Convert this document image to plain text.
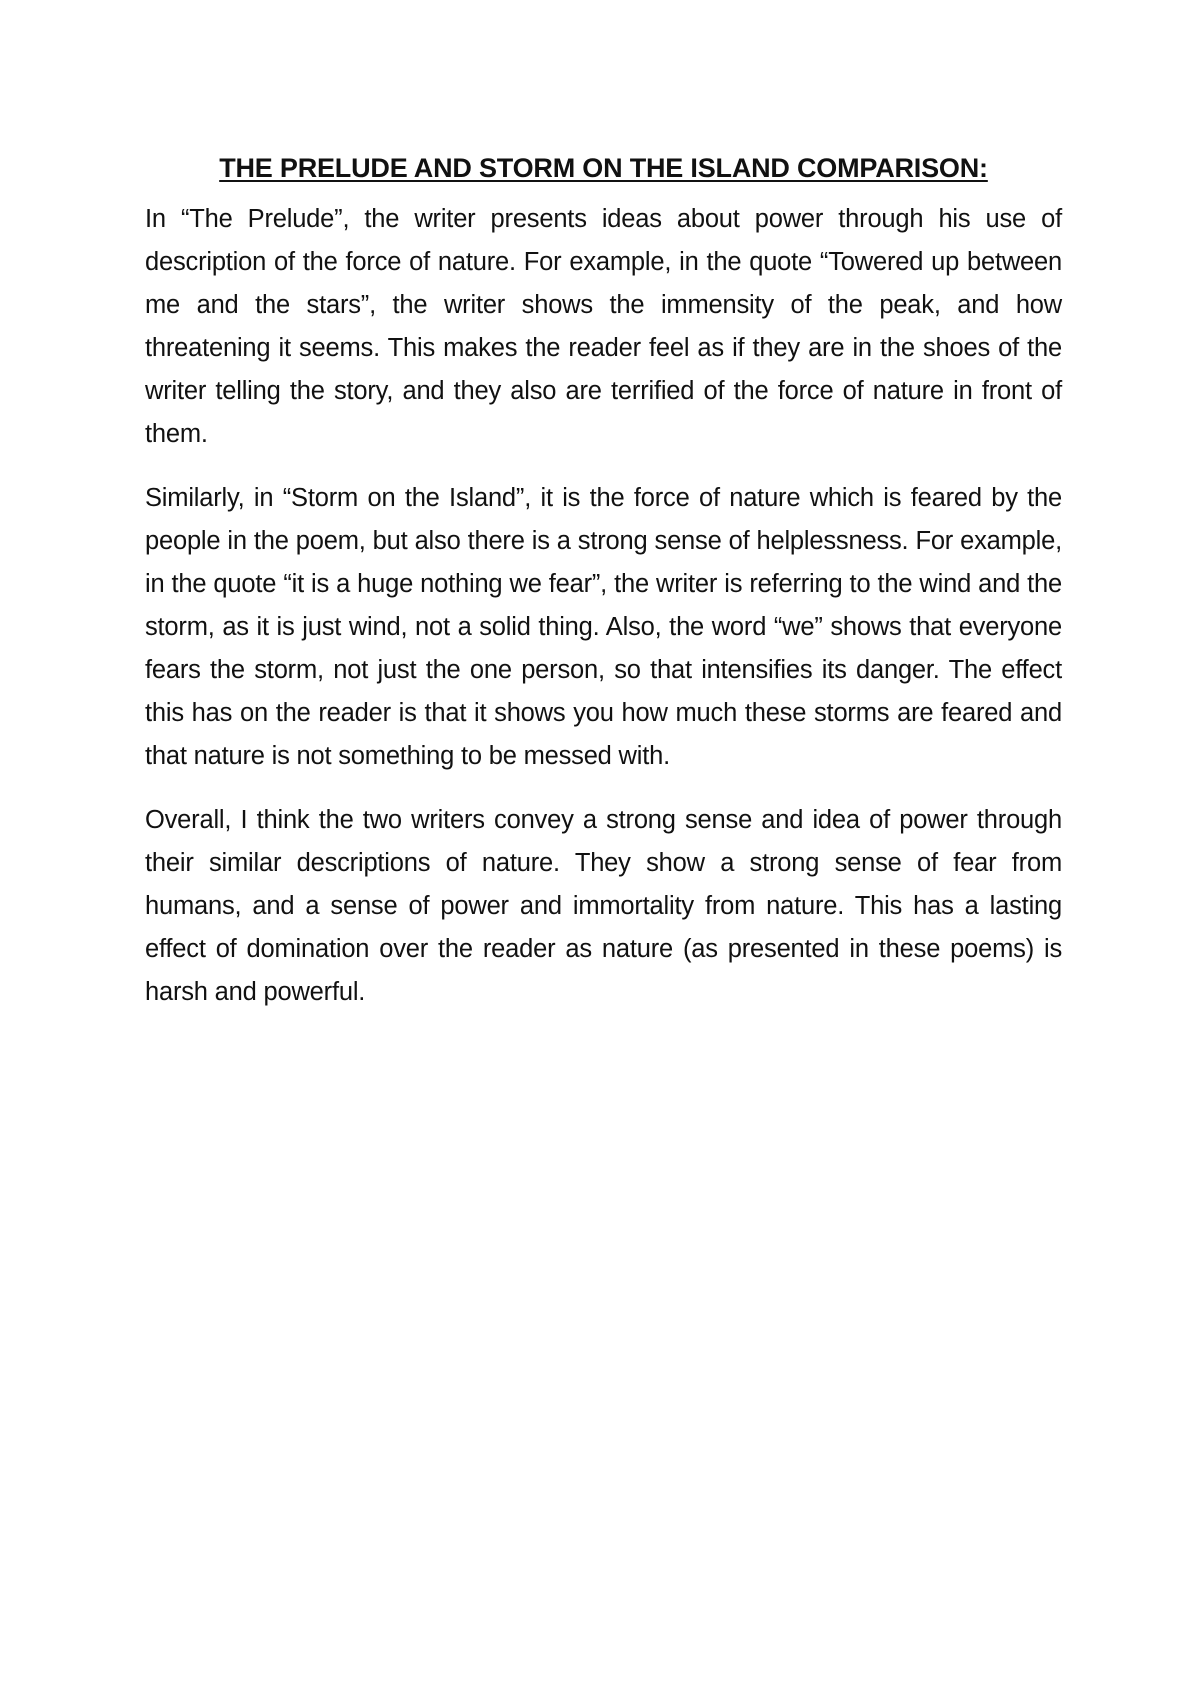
THE PRELUDE AND STORM ON THE ISLAND COMPARISON:

In “The Prelude”, the writer presents ideas about power through his use of description of the force of nature. For example, in the quote “Towered up between me and the stars”, the writer shows the immensity of the peak, and how threatening it seems. This makes the reader feel as if they are in the shoes of the writer telling the story, and they also are terrified of the force of nature in front of them.

Similarly, in “Storm on the Island”, it is the force of nature which is feared by the people in the poem, but also there is a strong sense of helplessness. For example, in the quote “it is a huge nothing we fear”, the writer is referring to the wind and the storm, as it is just wind, not a solid thing. Also, the word “we” shows that everyone fears the storm, not just the one person, so that intensifies its danger. The effect this has on the reader is that it shows you how much these storms are feared and that nature is not something to be messed with.

Overall, I think the two writers convey a strong sense and idea of power through their similar descriptions of nature. They show a strong sense of fear from humans, and a sense of power and immortality from nature. This has a lasting effect of domination over the reader as nature (as presented in these poems) is harsh and powerful.
